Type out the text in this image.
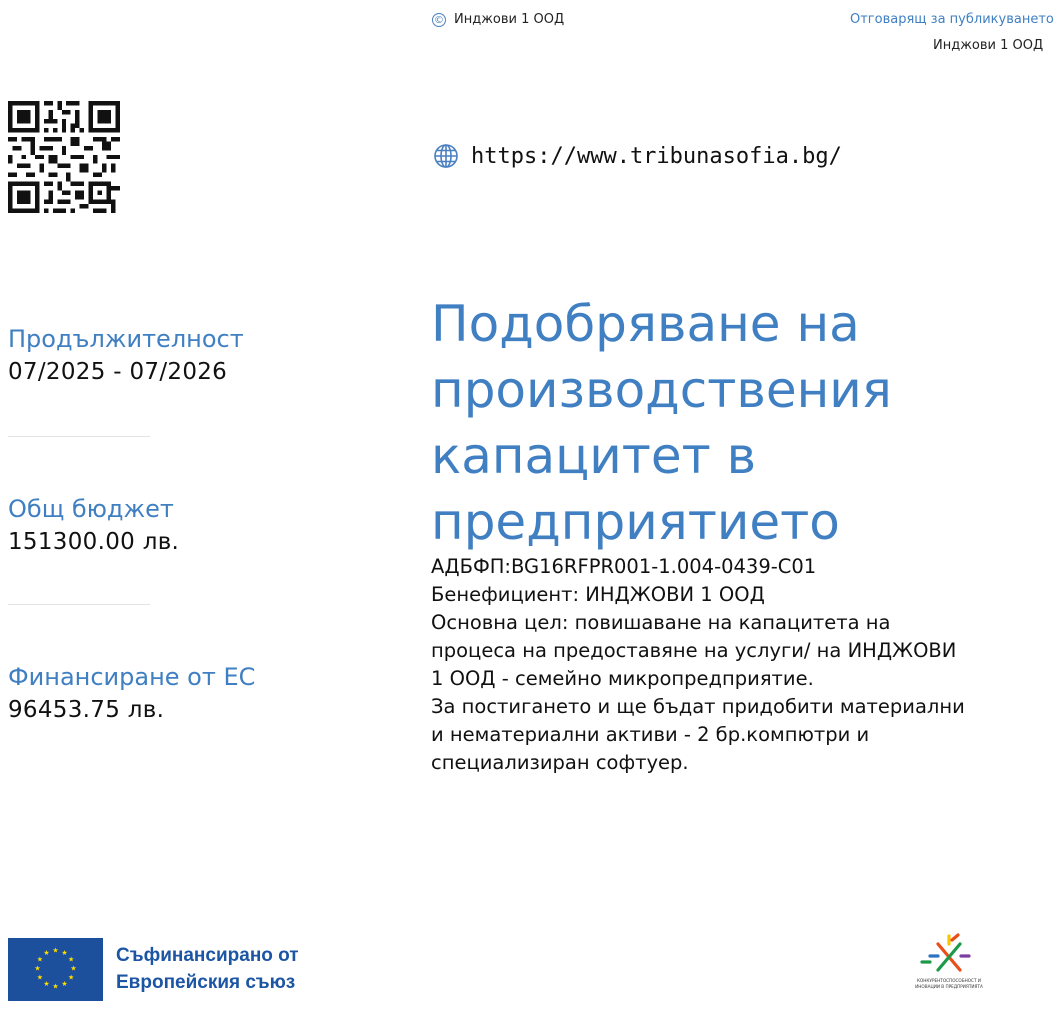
© Инджови 1 ООД	Отговарящ за публикуването
Инджови 1 ООД
https://www.tribunasofia.bg/
Продължителност
07/2025 - 07/2026
Общ бюджет
151300.00 лв.
Финансиране от ЕС
96453.75 лв.
Подобряване на
производствения
капацитет в
предприятието
АДБФП:BG16RFPR001-1.004-0439-C01
Бенефициент: ИНДЖОВИ 1 ООД
Основна цел: повишаване на капацитета на
процеса на предоставяне на услуги/ на ИНДЖОВИ
1 ООД - семейно микропредприятие.
За постигането и ще бъдат придобити материални
и нематериални активи - 2 бр.компютри и
специализиран софтуер.
★ ★
★
★
★
★
★
★
★
★
★
★	Съфинансирано от
Европейския съюз	КОНКУРЕНТОСПОСОБНОСТ И
ИНОВАЦИИ В ПРЕДПРИЯТИЯТА
